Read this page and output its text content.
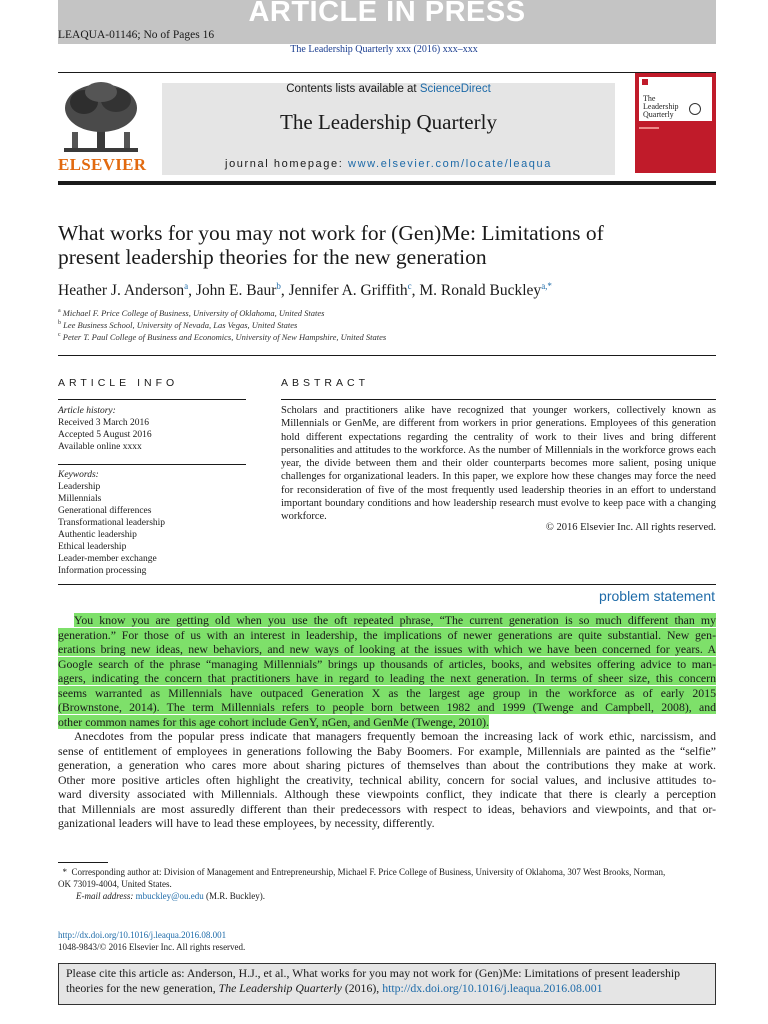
ARTICLE IN PRESS
LEAQUA-01146; No of Pages 16
The Leadership Quarterly xxx (2016) xxx–xxx
ELSEVIER
Contents lists available at ScienceDirect
The Leadership Quarterly
journal homepage: www.elsevier.com/locate/leaqua
The
Leadership
Quarterly
What works for you may not work for (Gen)Me: Limitations of
present leadership theories for the new generation
Heather J. Anderson$^a$, John E. Baur$^b$, Jennifer A. Griffith$^c$, M. Ronald Buckley$^{a,*}$
$^a$ Michael F. Price College of Business, University of Oklahoma, United States
$^b$ Lee Business School, University of Nevada, Las Vegas, United States
$^c$ Peter T. Paul College of Business and Economics, University of New Hampshire, United States
ARTICLE INFO
Article history:
Received 3 March 2016
Accepted 5 August 2016
Available online xxxx
Keywords:
Leadership
Millennials
Generational differences
Transformational leadership
Authentic leadership
Ethical leadership
Leader-member exchange
Information processing
ABSTRACT
Scholars and practitioners alike have recognized that younger workers, collectively known as Millennials or GenMe, are different from workers in prior generations. Employees of this generation hold different expectations regarding the centrality of work to their lives and bring different personalities and attitudes to the workforce. As the number of Millennials in the workforce grows each year, the divide between them and their older counterparts becomes more salient, posing unique challenges for organizational leaders. In this paper, we explore how these changes may force the need for reconsideration of five of the most frequently used leadership theories in an effort to understand important boundary conditions and how leadership research must evolve to keep pace with a changing workforce.
© 2016 Elsevier Inc. All rights reserved.
problem statement
You know you are getting old when you use the oft repeated phrase, “The current generation is so much different than my
generation.” For those of us with an interest in leadership, the implications of newer generations are quite substantial. New gen-
erations bring new ideas, new behaviors, and new ways of looking at the issues with which we have been concerned for years. A
Google search of the phrase “managing Millennials” brings up thousands of articles, books, and websites offering advice to man-
agers, indicating the concern that practitioners have in regard to leading the next generation. In terms of sheer size, this concern
seems warranted as Millennials have outpaced Generation X as the largest age group in the workforce as of early 2015
(Brownstone, 2014). The term Millennials refers to people born between 1982 and 1999 (Twenge and Campbell, 2008), and
other common names for this age cohort include GenY, nGen, and GenMe (Twenge, 2010).
Anecdotes from the popular press indicate that managers frequently bemoan the increasing lack of work ethic, narcissism, and
sense of entitlement of employees in generations following the Baby Boomers. For example, Millennials are painted as the “selfie”
generation, a generation who cares more about sharing pictures of themselves than about the contributions they make at work.
Other more positive articles often highlight the creativity, technical ability, concern for social values, and inclusive attitudes to-
ward diversity associated with Millennials. Although these viewpoints conflict, they indicate that there is clearly a perception
that Millennials are most assuredly different than their predecessors with respect to ideas, behaviors and viewpoints, and that or-
ganizational leaders will have to lead these employees, by necessity, differently.
* Corresponding author at: Division of Management and Entrepreneurship, Michael F. Price College of Business, University of Oklahoma, 307 West Brooks, Norman,
OK 73019-4004, United States.
E-mail address: mbuckley@ou.edu (M.R. Buckley).
http://dx.doi.org/10.1016/j.leaqua.2016.08.001
1048-9843/© 2016 Elsevier Inc. All rights reserved.
Please cite this article as: Anderson, H.J., et al., What works for you may not work for (Gen)Me: Limitations of present leadership theories for the new generation, The Leadership Quarterly (2016), http://dx.doi.org/10.1016/j.leaqua.2016.08.001
